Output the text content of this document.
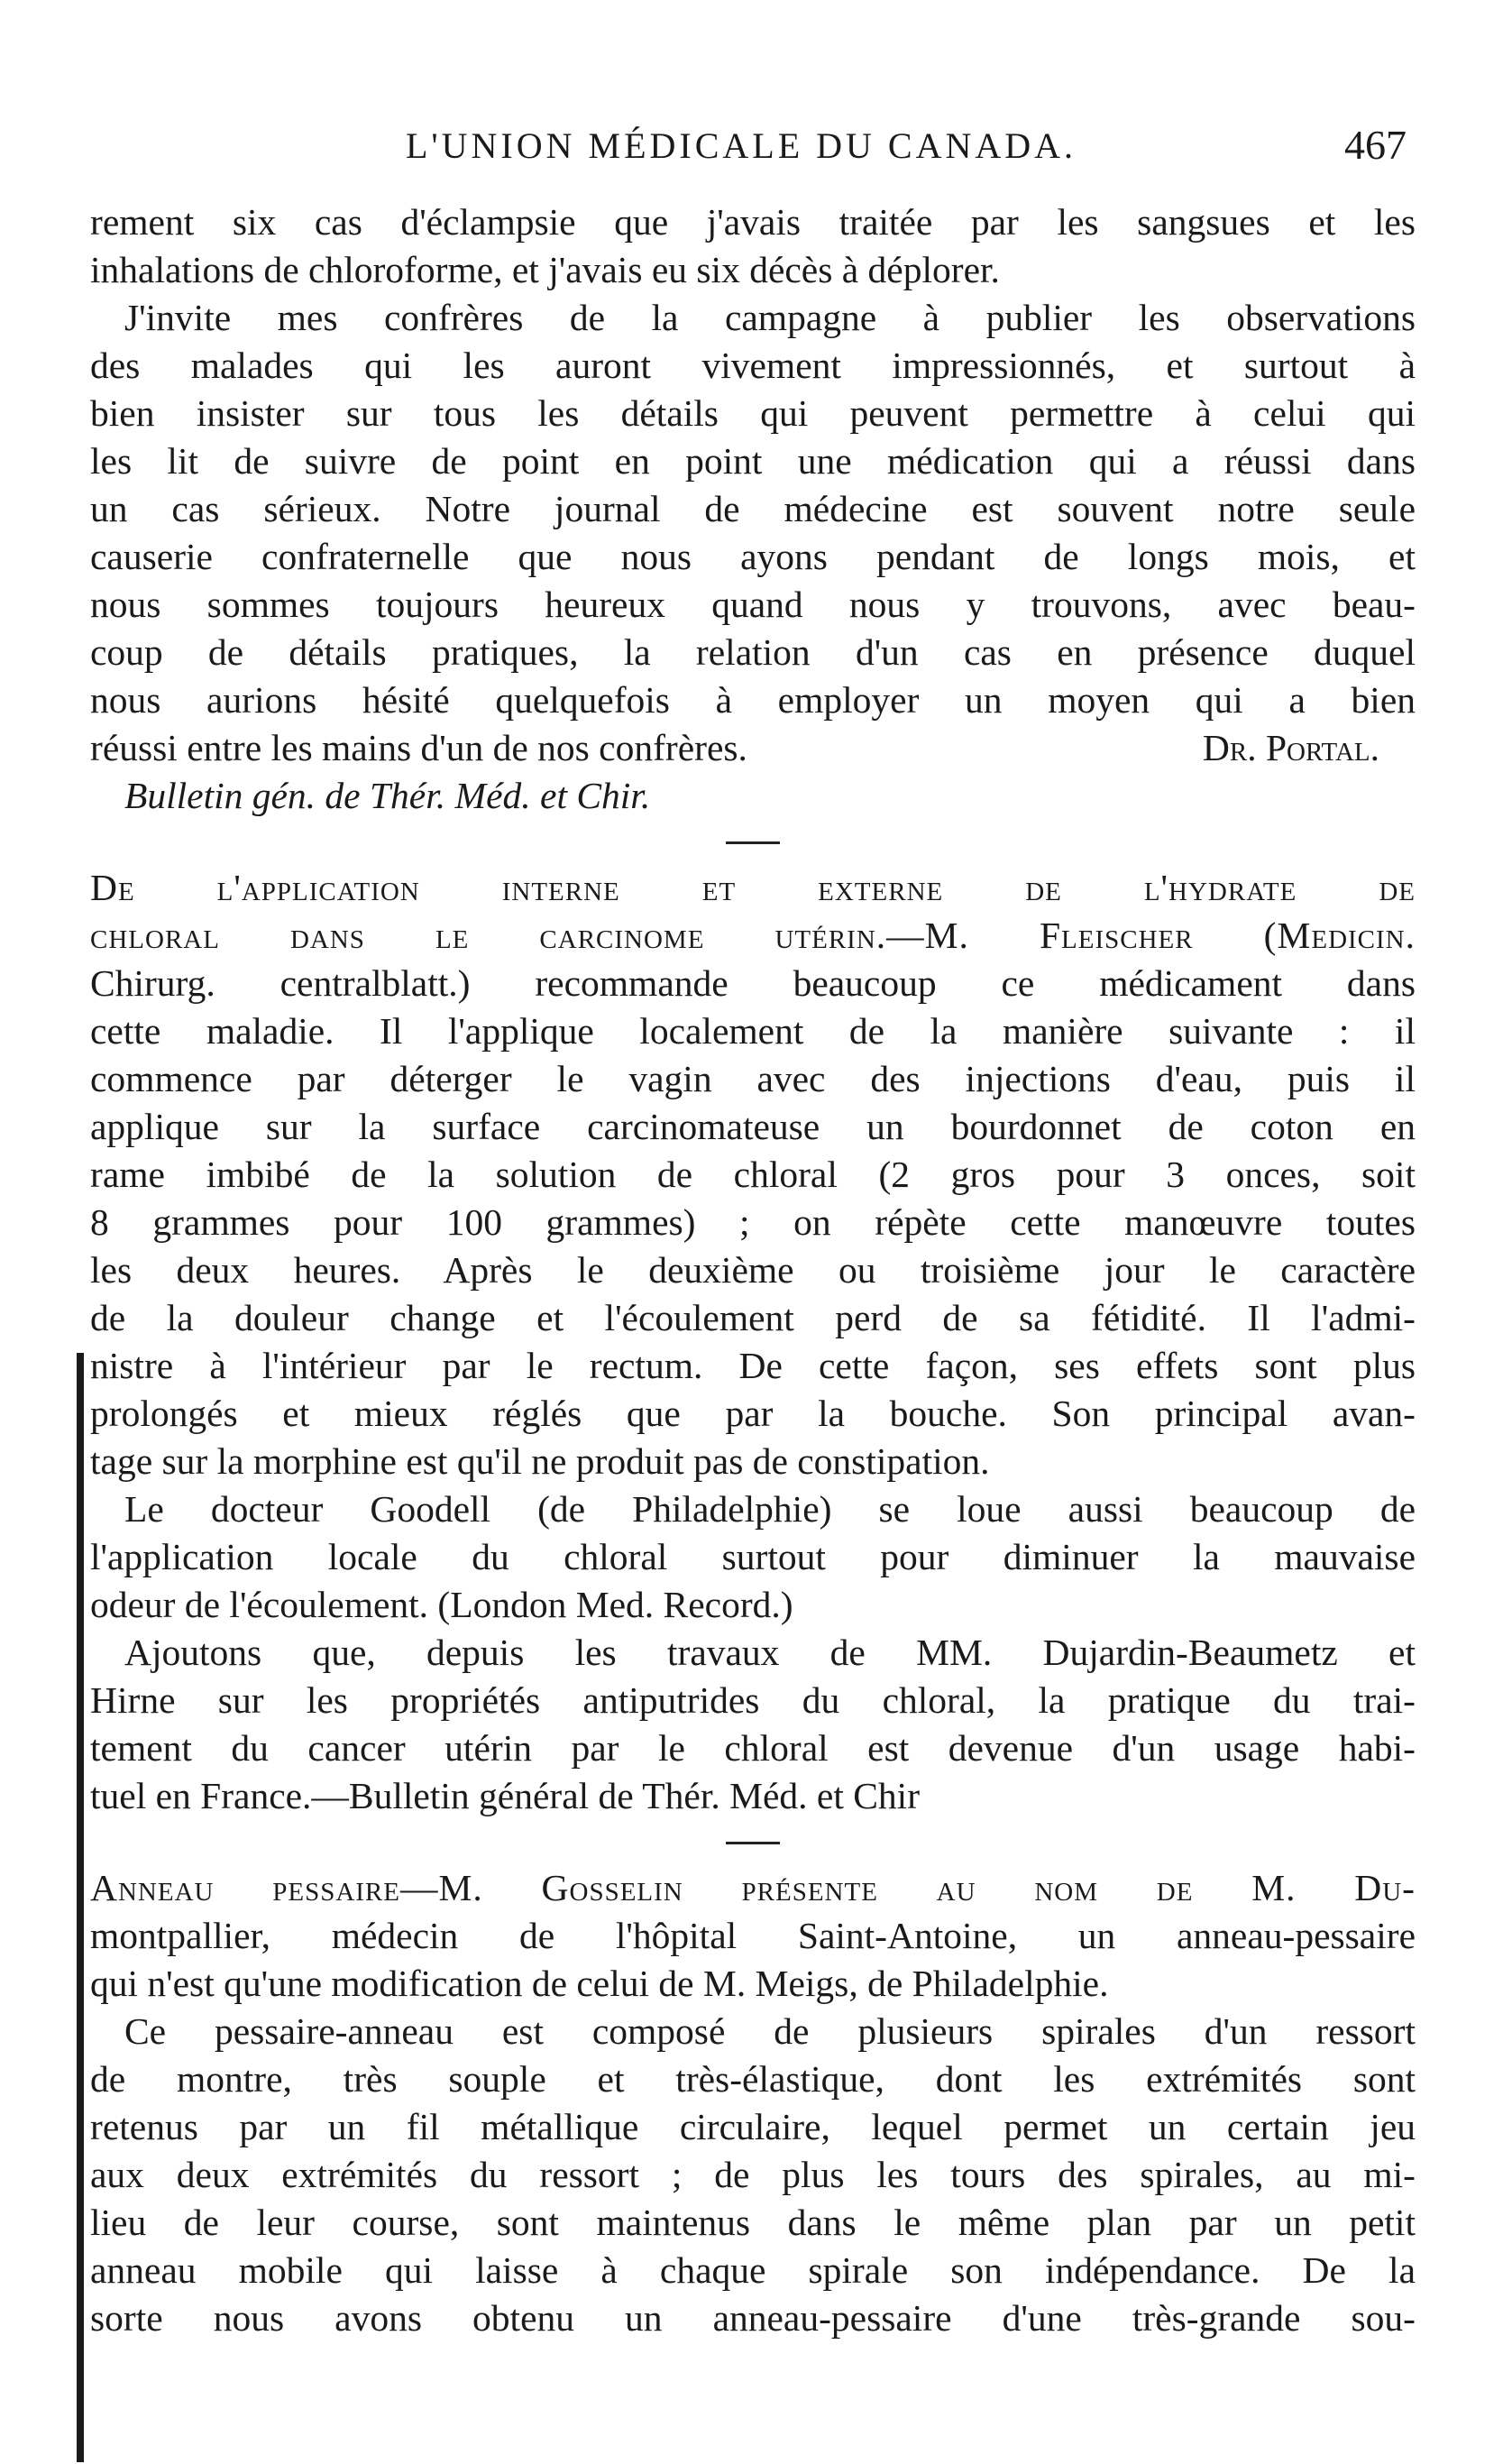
L'UNION MÉDICALE DU CANADA.	467
rement six cas d'éclampsie que j'avais traitée par les sangsues et les
inhalations de chloroforme, et j'avais eu six décès à déplorer.
J'invite mes confrères de la campagne à publier les observations
des malades qui les auront vivement impressionnés, et surtout à
bien insister sur tous les détails qui peuvent permettre à celui qui
les lit de suivre de point en point une médication qui a réussi dans
un cas sérieux. Notre journal de médecine est souvent notre seule
causerie confraternelle que nous ayons pendant de longs mois, et
nous sommes toujours heureux quand nous y trouvons, avec beau-
coup de détails pratiques, la relation d'un cas en présence duquel
nous aurions hésité quelquefois à employer un moyen qui a bien
réussi entre les mains d'un de nos confrères.	Dr. Portal.
Bulletin gén. de Thér. Méd. et Chir.
De l'application interne et externe de l'hydrate de
chloral dans le carcinome utérin.—M. Fleischer (Medicin.
Chirurg. centralblatt.) recommande beaucoup ce médicament dans
cette maladie. Il l'applique localement de la manière suivante : il
commence par déterger le vagin avec des injections d'eau, puis il
applique sur la surface carcinomateuse un bourdonnet de coton en
rame imbibé de la solution de chloral (2 gros pour 3 onces, soit
8 grammes pour 100 grammes) ; on répète cette manœuvre toutes
les deux heures. Après le deuxième ou troisième jour le caractère
de la douleur change et l'écoulement perd de sa fétidité. Il l'admi-
nistre à l'intérieur par le rectum. De cette façon, ses effets sont plus
prolongés et mieux réglés que par la bouche. Son principal avan-
tage sur la morphine est qu'il ne produit pas de constipation.
Le docteur Goodell (de Philadelphie) se loue aussi beaucoup de
l'application locale du chloral surtout pour diminuer la mauvaise
odeur de l'écoulement. (London Med. Record.)
Ajoutons que, depuis les travaux de MM. Dujardin-Beaumetz et
Hirne sur les propriétés antiputrides du chloral, la pratique du trai-
tement du cancer utérin par le chloral est devenue d'un usage habi-
tuel en France.—Bulletin général de Thér. Méd. et Chir
Anneau pessaire—M. Gosselin présente au nom de M. Du-
montpallier, médecin de l'hôpital Saint-Antoine, un anneau-pessaire
qui n'est qu'une modification de celui de M. Meigs, de Philadelphie.
Ce pessaire-anneau est composé de plusieurs spirales d'un ressort
de montre, très souple et très-élastique, dont les extrémités sont
retenus par un fil métallique circulaire, lequel permet un certain jeu
aux deux extrémités du ressort ; de plus les tours des spirales, au mi-
lieu de leur course, sont maintenus dans le même plan par un petit
anneau mobile qui laisse à chaque spirale son indépendance. De la
sorte nous avons obtenu un anneau-pessaire d'une très-grande sou-
